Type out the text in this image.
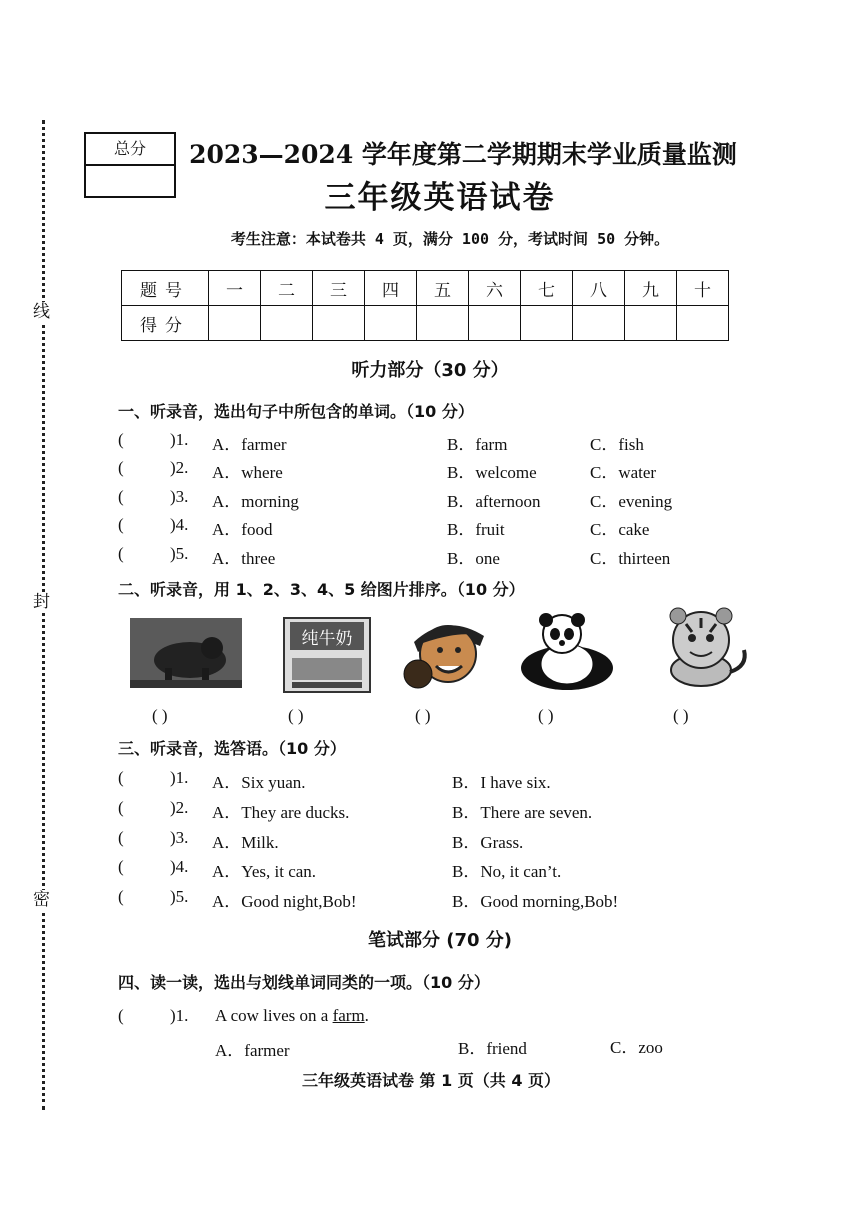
线
封
密
总分	2023—2024 学年度第二学期期末学业质量监测
三年级英语试卷
考生注意：本试卷共 4 页，满分 100 分，考试时间 50 分钟。
题号	一	二	三	四	五	六	七	八	九	十
得分										
听力部分（30 分）
一、听录音，选出句子中所包含的单词。（10 分）
(	)1. A．farmer	B．farm	C．fish
(	)2. A．where	B．welcome	C．water
(	)3. A．morning	B．afternoon	C．evening
(	)4. A．food	B．fruit	C．cake
(	)5. A．three	B．one	C．thirteen
二、听录音，用 1、2、3、4、5 给图片排序。（10 分）
纯牛奶
( )	( )	( )	( )	( )
三、听录音，选答语。（10 分）
(	)1. A．Six yuan.	B．I have six.
(	)2. A．They are ducks.	B．There are seven.
(	)3. A．Milk.	B．Grass.
(	)4. A．Yes, it can.	B．No, it can’t.
(	)5. A．Good night,Bob!	B．Good morning,Bob!
笔试部分 (70 分)
四、读一读，选出与划线单词同类的一项。（10 分）
(	)1. A cow lives on a farm.
A．farmer	B．friend	C．zoo
三年级英语试卷 第 1 页（共 4 页）
